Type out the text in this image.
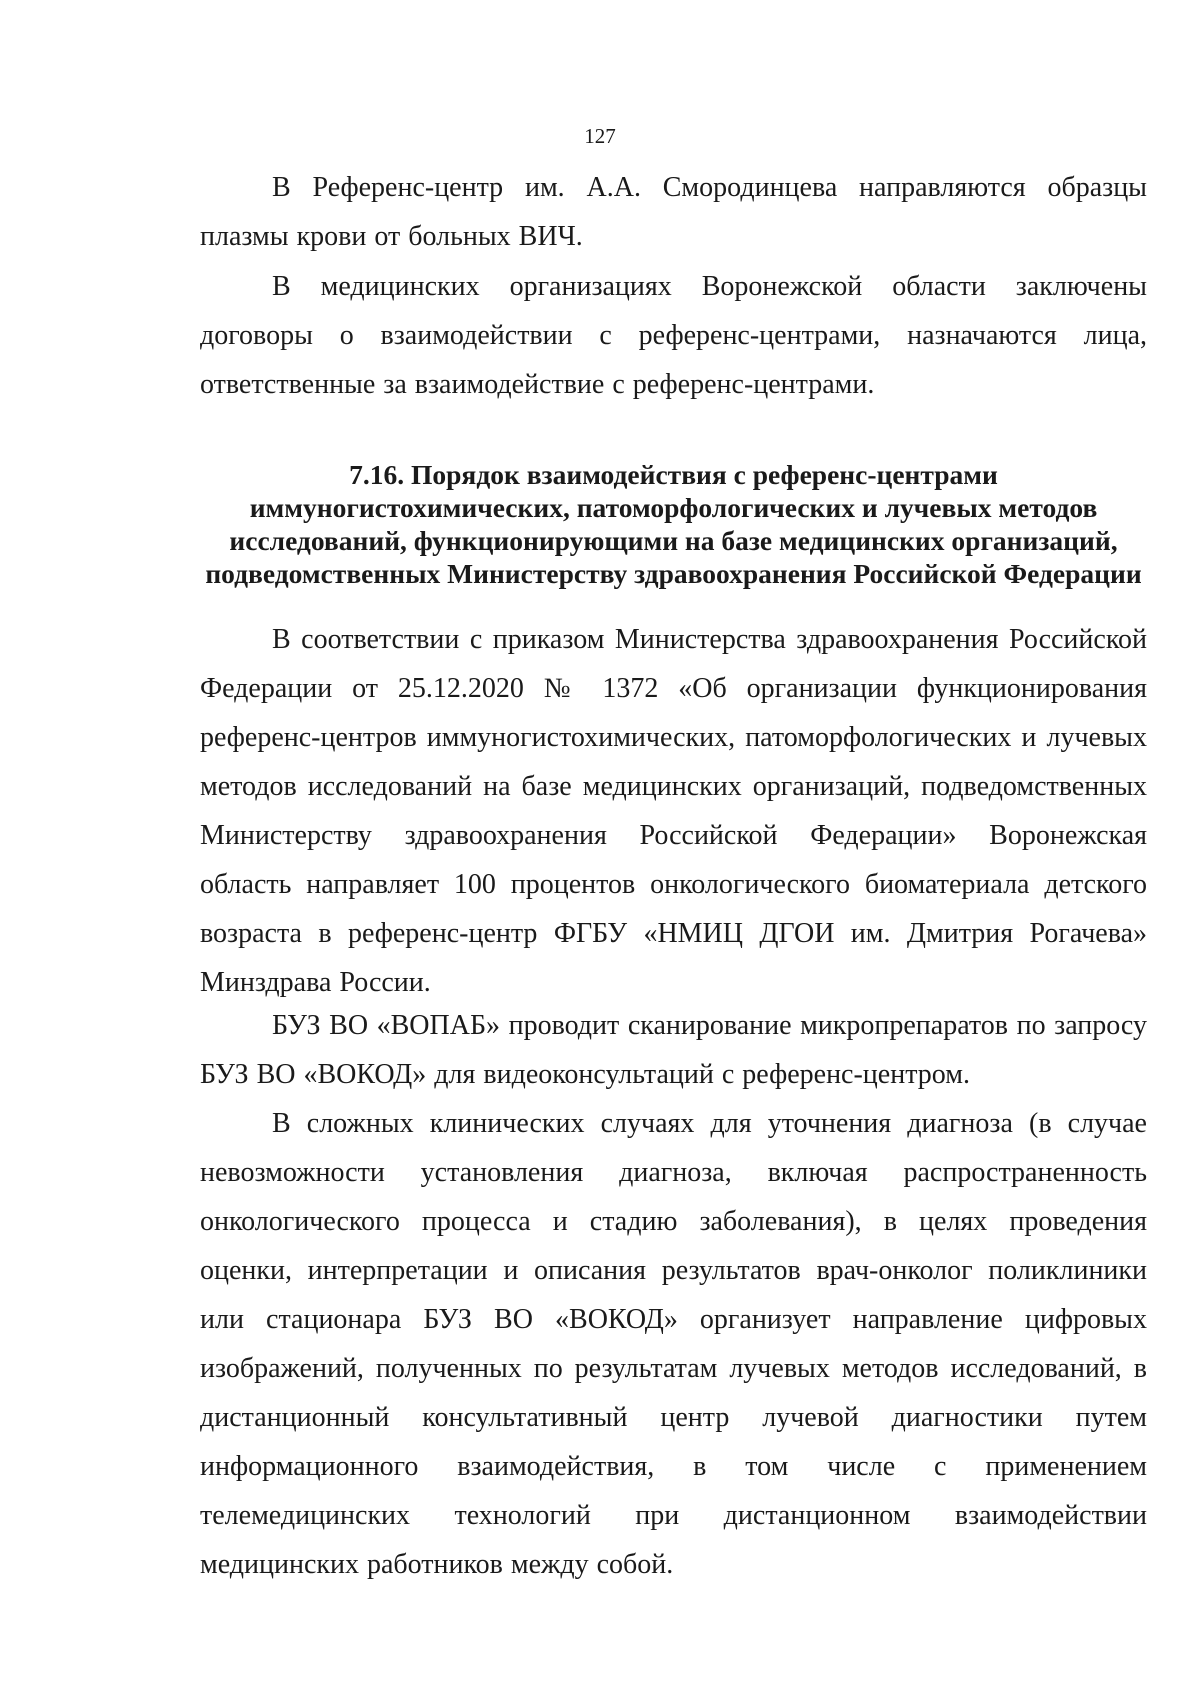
127

В Референс-центр им. А.А. Смородинцева направляются образцы плазмы крови от больных ВИЧ.

В медицинских организациях Воронежской области заключены договоры о взаимодействии с референс-центрами, назначаются лица, ответственные за взаимодействие с референс-центрами.

7.16. Порядок взаимодействия с референс-центрами иммуногистохимических, патоморфологических и лучевых методов исследований, функционирующими на базе медицинских организаций, подведомственных Министерству здравоохранения Российской Федерации

В соответствии с приказом Министерства здравоохранения Российской Федерации от 25.12.2020 № 1372 «Об организации функционирования референс-центров иммуногистохимических, патоморфологических и лучевых методов исследований на базе медицинских организаций, подведомственных Министерству здравоохранения Российской Федерации» Воронежская область направляет 100 процентов онкологического биоматериала детского возраста в референс-центр ФГБУ «НМИЦ ДГОИ им. Дмитрия Рогачева» Минздрава России.

БУЗ ВО «ВОПАБ» проводит сканирование микропрепаратов по запросу БУЗ ВО «ВОКОД» для видеоконсультаций с референс-центром.

В сложных клинических случаях для уточнения диагноза (в случае невозможности установления диагноза, включая распространенность онкологического процесса и стадию заболевания), в целях проведения оценки, интерпретации и описания результатов врач-онколог поликлиники или стационара БУЗ ВО «ВОКОД» организует направление цифровых изображений, полученных по результатам лучевых методов исследований, в дистанционный консультативный центр лучевой диагностики путем информационного взаимодействия, в том числе с применением телемедицинских технологий при дистанционном взаимодействии медицинских работников между собой.
